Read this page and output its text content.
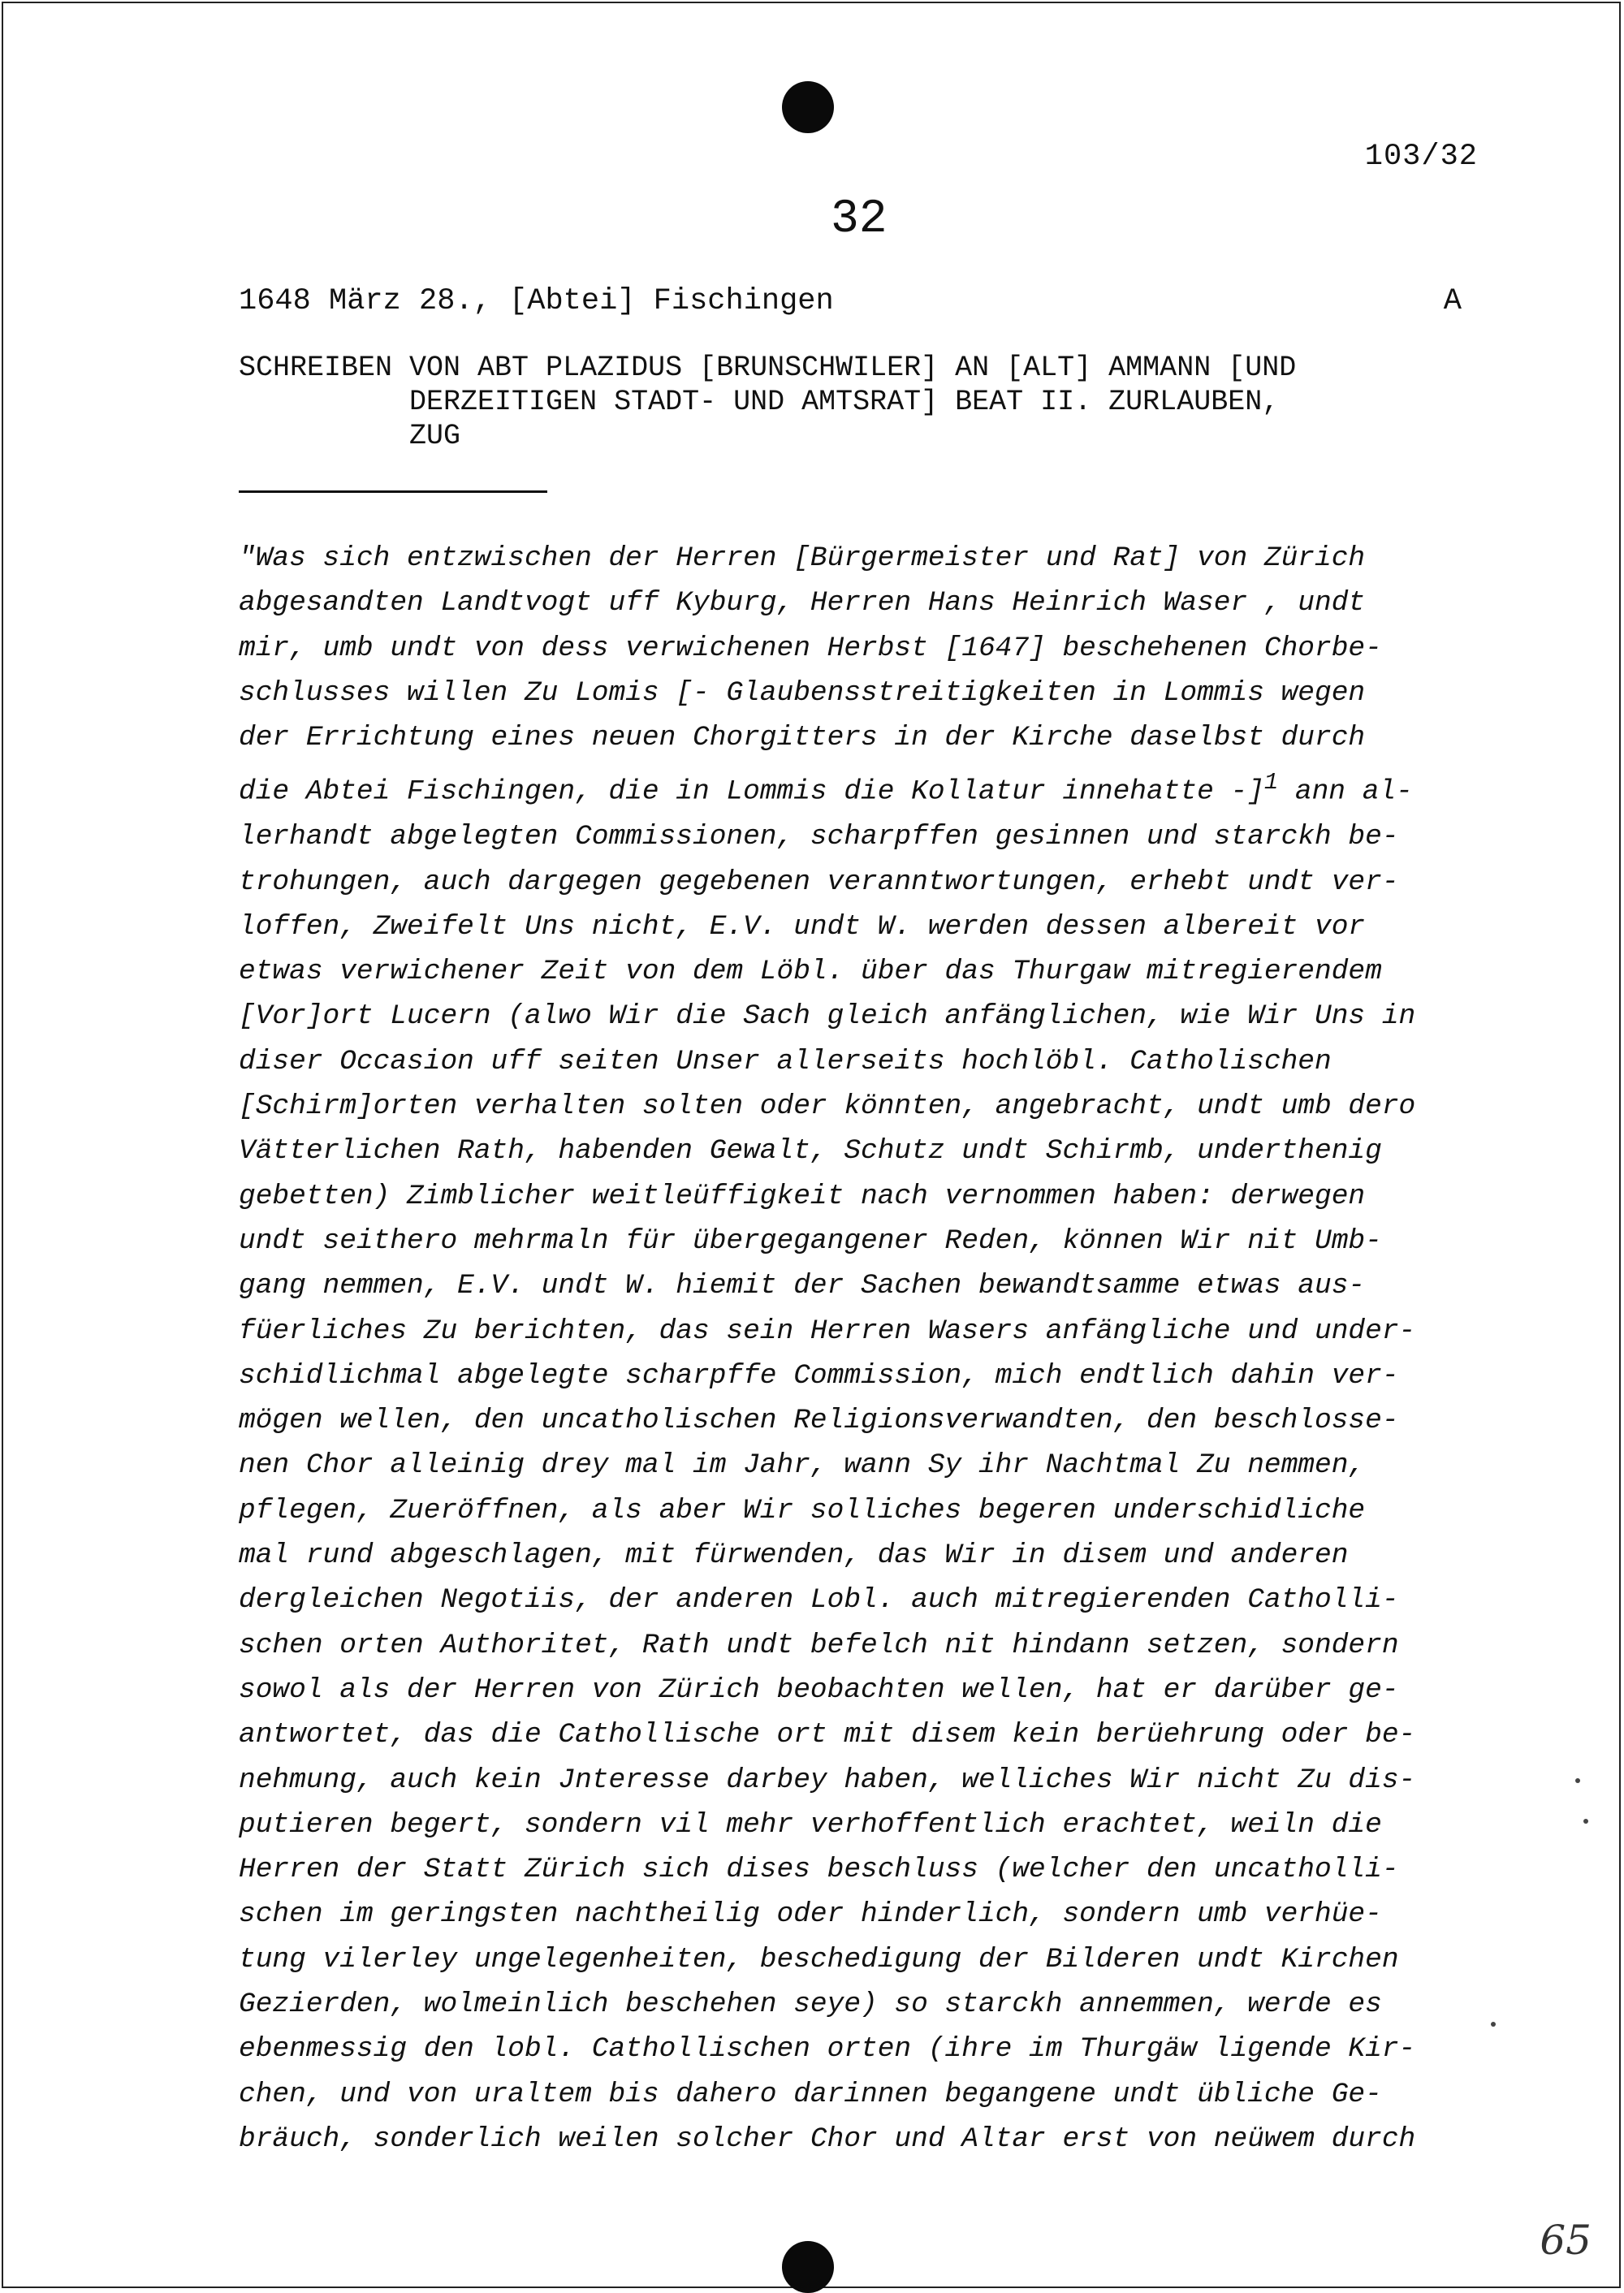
103/32
32
1648 März 28., [Abtei] Fischingen	A
SCHREIBEN VON ABT PLAZIDUS [BRUNSCHWILER] AN [ALT] AMMANN [UND
DERZEITIGEN STADT- UND AMTSRAT] BEAT II. ZURLAUBEN,
ZUG
"Was sich entzwischen der Herren [Bürgermeister und Rat] von Zürich
abgesandten Landtvogt uff Kyburg, Herren Hans Heinrich Waser , undt
mir, umb undt von dess verwichenen Herbst [1647] beschehenen Chorbe-
schlusses willen Zu Lomis [- Glaubensstreitigkeiten in Lommis wegen
der Errichtung eines neuen Chorgitters in der Kirche daselbst durch
die Abtei Fischingen, die in Lommis die Kollatur innehatte -]$^1$ ann al-
lerhandt abgelegten Commissionen, scharpffen gesinnen und starckh be-
trohungen, auch dargegen gegebenen veranntwortungen, erhebt undt ver-
loffen, Zweifelt Uns nicht, E.V. undt W. werden dessen albereit vor
etwas verwichener Zeit von dem Löbl. über das Thurgaw mitregierendem
[Vor]ort Lucern (alwo Wir die Sach gleich anfänglichen, wie Wir Uns in
diser Occasion uff seiten Unser allerseits hochlöbl. Catholischen
[Schirm]orten verhalten solten oder könnten, angebracht, undt umb dero
Vätterlichen Rath, habenden Gewalt, Schutz undt Schirmb, underthenig
gebetten) Zimblicher weitleüffigkeit nach vernommen haben: derwegen
undt seithero mehrmaln für übergegangener Reden, können Wir nit Umb-
gang nemmen, E.V. undt W. hiemit der Sachen bewandtsamme etwas aus-
füerliches Zu berichten, das sein Herren Wasers anfängliche und under-
schidlichmal abgelegte scharpffe Commission, mich endtlich dahin ver-
mögen wellen, den uncatholischen Religionsverwandten, den beschlosse-
nen Chor alleinig drey mal im Jahr, wann Sy ihr Nachtmal Zu nemmen,
pflegen, Zueröffnen, als aber Wir solliches begeren underschidliche
mal rund abgeschlagen, mit fürwenden, das Wir in disem und anderen
dergleichen Negotiis, der anderen Lobl. auch mitregierenden Catholli-
schen orten Authoritet, Rath undt befelch nit hindann setzen, sondern
sowol als der Herren von Zürich beobachten wellen, hat er darüber ge-
antwortet, das die Cathollische ort mit disem kein berüehrung oder be-
nehmung, auch kein Jnteresse darbey haben, welliches Wir nicht Zu dis-
putieren begert, sondern vil mehr verhoffentlich erachtet, weiln die
Herren der Statt Zürich sich dises beschluss (welcher den uncatholli-
schen im geringsten nachtheilig oder hinderlich, sondern umb verhüe-
tung vilerley ungelegenheiten, beschedigung der Bilderen undt Kirchen
Gezierden, wolmeinlich beschehen seye) so starckh annemmen, werde es
ebenmessig den lobl. Cathollischen orten (ihre im Thurgäw ligende Kir-
chen, und von uraltem bis dahero darinnen begangene undt übliche Ge-
bräuch, sonderlich weilen solcher Chor und Altar erst von neüwem durch
65
